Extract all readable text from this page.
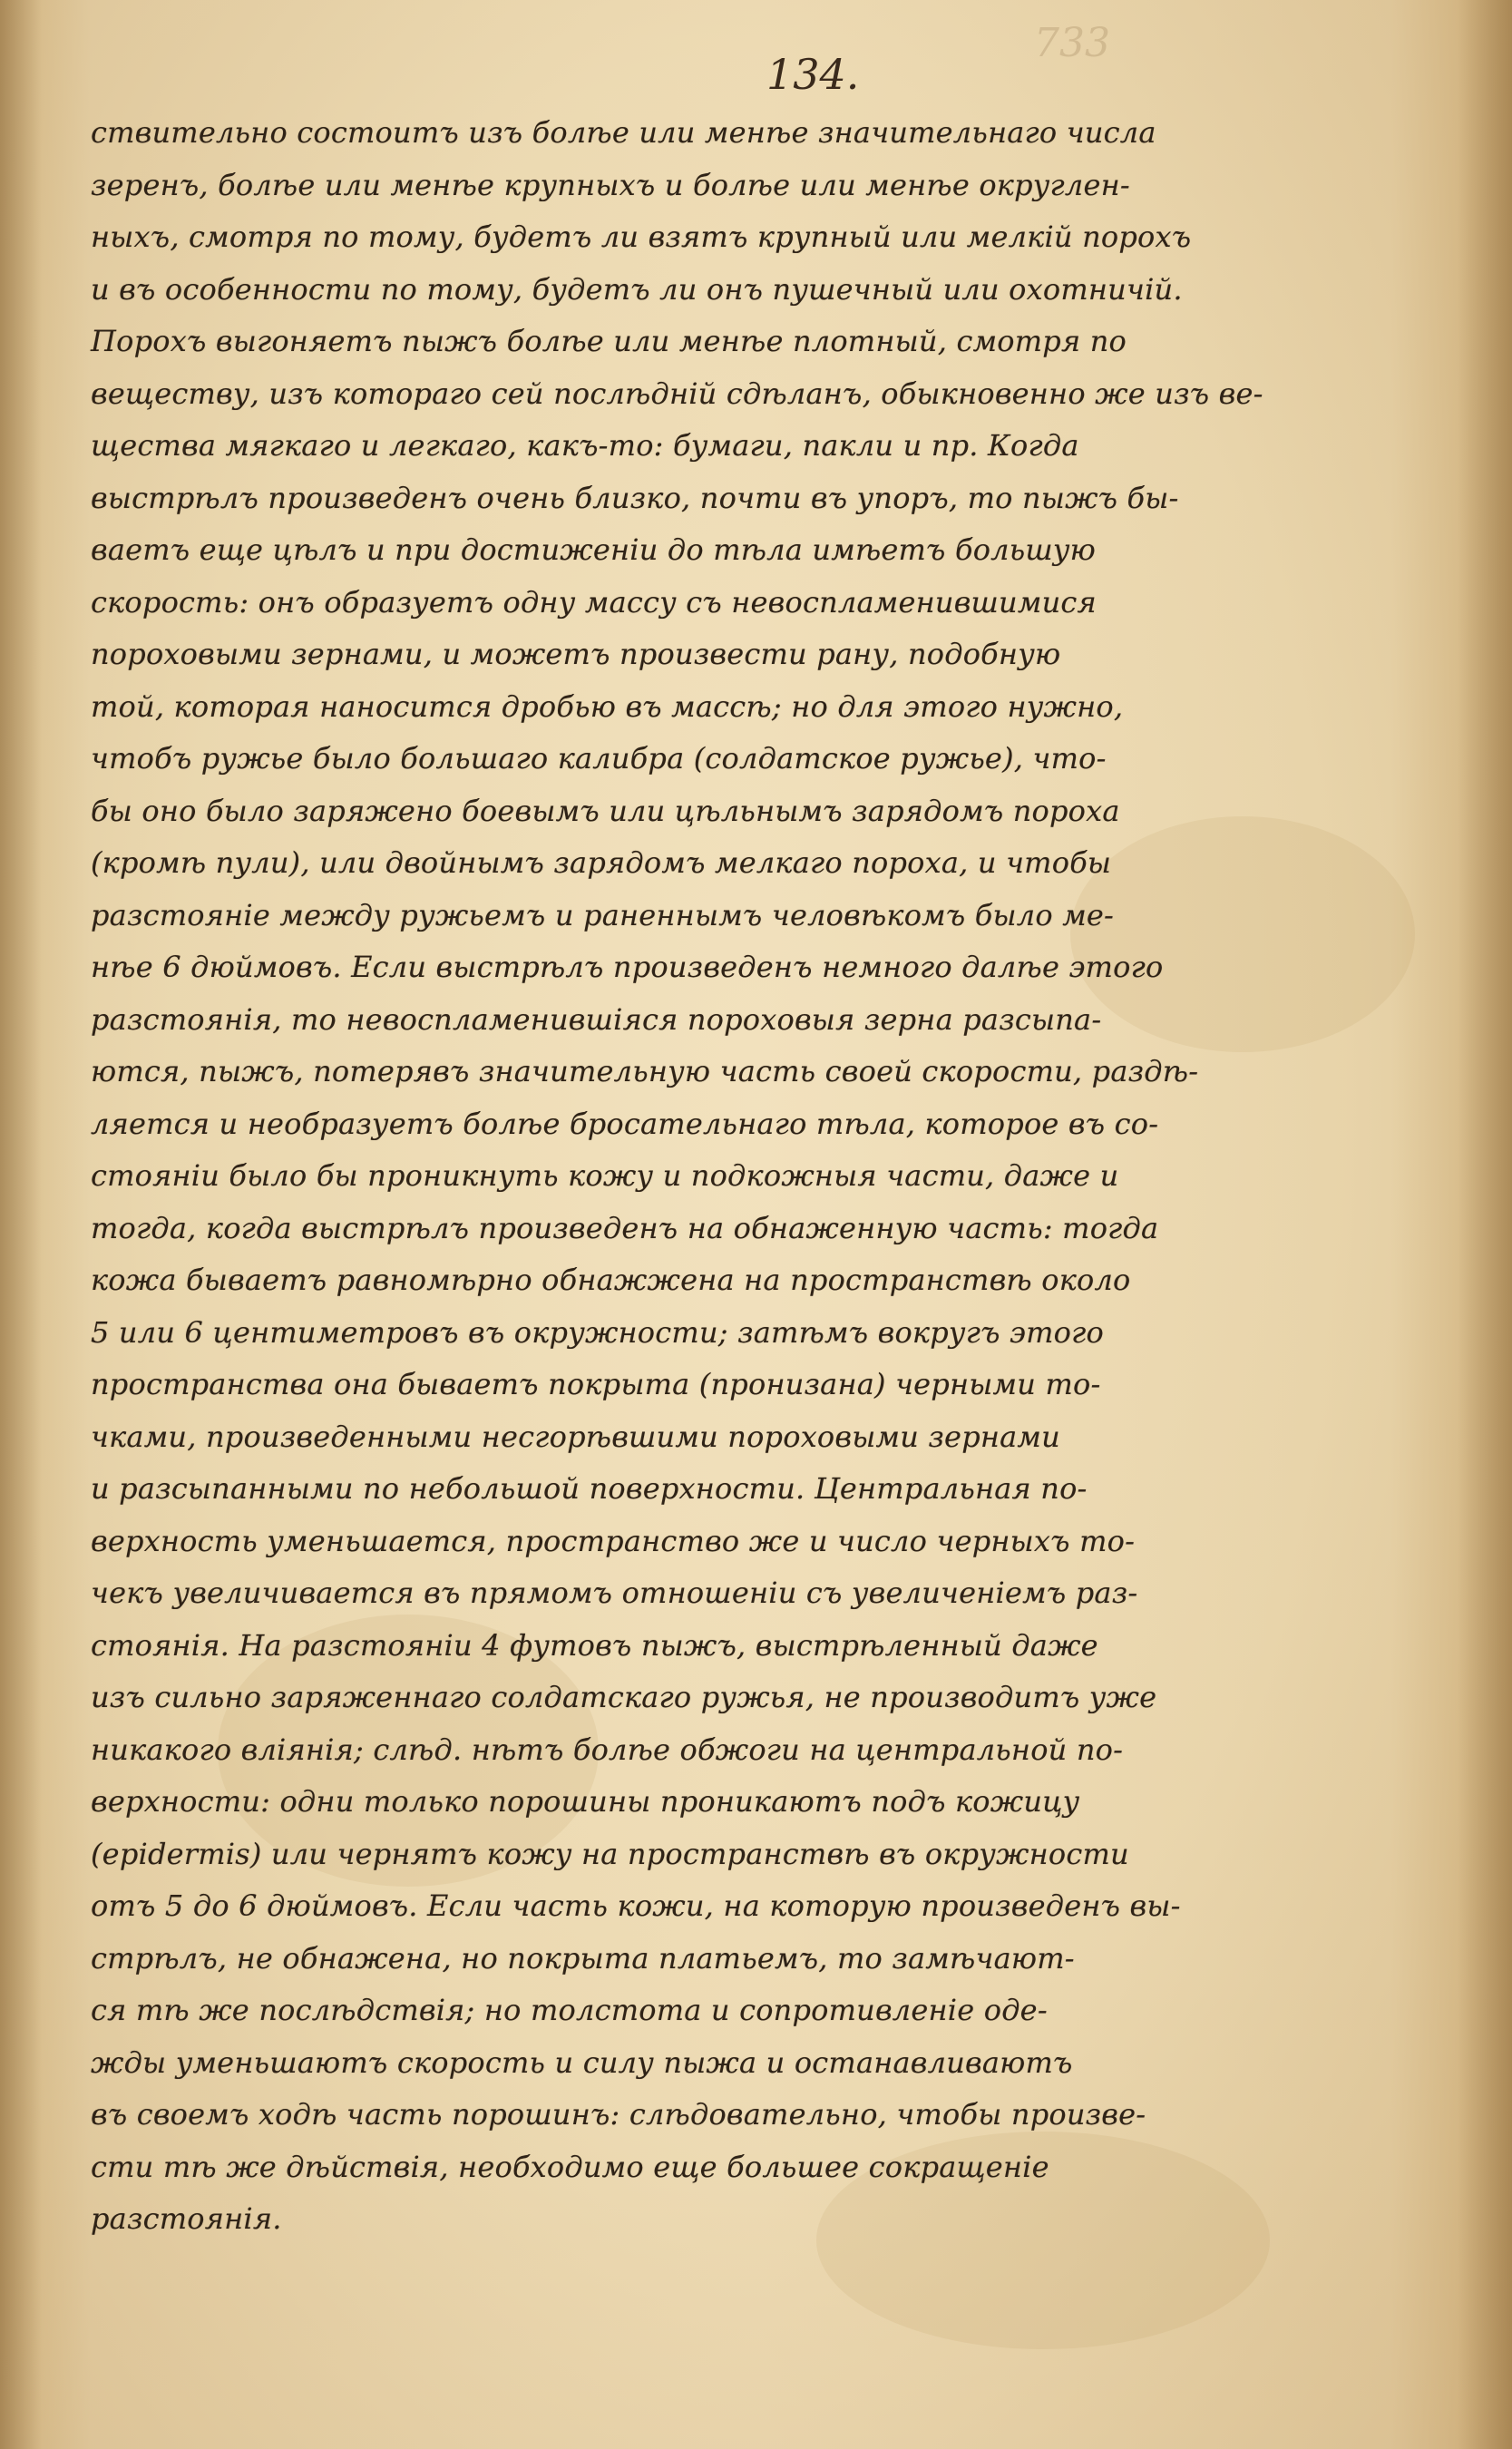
733
134.
ствительно состоитъ изъ болѣе или менѣе значительнаго числа
зеренъ, болѣе или менѣе крупныхъ и болѣе или менѣе округлен-
ныхъ, смотря по тому, будетъ ли взятъ крупный или мелкій порохъ
и въ особенности по тому, будетъ ли онъ пушечный или охотничій.
Порохъ выгоняетъ пыжъ болѣе или менѣе плотный, смотря по
веществу, изъ котораго сей послѣдній сдѣланъ, обыкновенно же изъ ве-
щества мягкаго и легкаго, какъ-то: бумаги, пакли и пр. Когда
выстрѣлъ произведенъ очень близко, почти въ упоръ, то пыжъ бы-
ваетъ еще цѣлъ и при достиженіи до тѣла имѣетъ большую
скорость: онъ образуетъ одну массу съ невоспламенившимися
пороховыми зернами, и можетъ произвести рану, подобную
той, которая наносится дробью въ массѣ; но для этого нужно,
чтобъ ружье было большаго калибра (солдатское ружье), что-
бы оно было заряжено боевымъ или цѣльнымъ зарядомъ пороха
(кромѣ пули), или двойнымъ зарядомъ мелкаго пороха, и чтобы
разстояніе между ружьемъ и раненнымъ человѣкомъ было ме-
нѣе 6 дюймовъ. Если выстрѣлъ произведенъ немного далѣе этого
разстоянія, то невоспламенившіяся пороховыя зерна разсыпа-
ются, пыжъ, потерявъ значительную часть своей скорости, раздѣ-
ляется и необразуетъ болѣе бросательнаго тѣла, которое въ со-
стояніи было бы проникнуть кожу и подкожныя части, даже и
тогда, когда выстрѣлъ произведенъ на обнаженную часть: тогда
кожа бываетъ равномѣрно обнажжена на пространствѣ около
5 или 6 центиметровъ въ окружности; затѣмъ вокругъ этого
пространства она бываетъ покрыта (пронизана) черными то-
чками, произведенными несгорѣвшими пороховыми зернами
и разсыпанными по небольшой поверхности. Центральная по-
верхность уменьшается, пространство же и число черныхъ то-
чекъ увеличивается въ прямомъ отношеніи съ увеличеніемъ раз-
стоянія. На разстояніи 4 футовъ пыжъ, выстрѣленный даже
изъ сильно заряженнаго солдатскаго ружья, не производитъ уже
никакого вліянія; слѣд. нѣтъ болѣе обжоги на центральной по-
верхности: одни только порошины проникаютъ подъ кожицу
(epidermis) или чернятъ кожу на пространствѣ въ окружности
отъ 5 до 6 дюймовъ. Если часть кожи, на которую произведенъ вы-
стрѣлъ, не обнажена, но покрыта платьемъ, то замѣчают-
ся тѣ же послѣдствія; но толстота и сопротивленіе оде-
жды уменьшаютъ скорость и силу пыжа и останавливаютъ
въ своемъ ходѣ часть порошинъ: слѣдовательно, чтобы произве-
сти тѣ же дѣйствія, необходимо еще большее сокращеніе
разстоянія.
